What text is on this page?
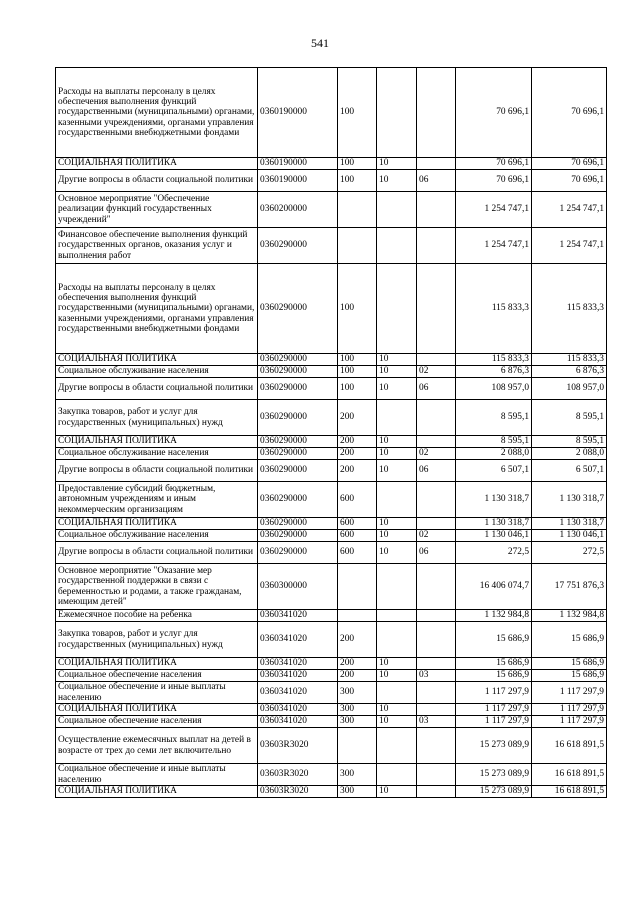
541
Расходы на выплаты персоналу в целях обеспечения выполнения функций государственными (муниципальными) органами, казенными учреждениями, органами управления государственными внебюджетными фондами	0360190000	100			70 696,1	70 696,1
СОЦИАЛЬНАЯ ПОЛИТИКА	0360190000	100	10		70 696,1	70 696,1
Другие вопросы в области социальной политики	0360190000	100	10	06	70 696,1	70 696,1
Основное мероприятие "Обеспечение реализации функций государственных учреждений"	0360200000				1 254 747,1	1 254 747,1
Финансовое обеспечение выполнения функций государственных органов, оказания услуг и выполнения работ	0360290000				1 254 747,1	1 254 747,1
Расходы на выплаты персоналу в целях обеспечения выполнения функций государственными (муниципальными) органами, казенными учреждениями, органами управления государственными внебюджетными фондами	0360290000	100			115 833,3	115 833,3
СОЦИАЛЬНАЯ ПОЛИТИКА	0360290000	100	10		115 833,3	115 833,3
Социальное обслуживание населения	0360290000	100	10	02	6 876,3	6 876,3
Другие вопросы в области социальной политики	0360290000	100	10	06	108 957,0	108 957,0
Закупка товаров, работ и услуг для государственных (муниципальных) нужд	0360290000	200			8 595,1	8 595,1
СОЦИАЛЬНАЯ ПОЛИТИКА	0360290000	200	10		8 595,1	8 595,1
Социальное обслуживание населения	0360290000	200	10	02	2 088,0	2 088,0
Другие вопросы в области социальной политики	0360290000	200	10	06	6 507,1	6 507,1
Предоставление субсидий бюджетным, автономным учреждениям и иным некоммерческим организациям	0360290000	600			1 130 318,7	1 130 318,7
СОЦИАЛЬНАЯ ПОЛИТИКА	0360290000	600	10		1 130 318,7	1 130 318,7
Социальное обслуживание населения	0360290000	600	10	02	1 130 046,1	1 130 046,1
Другие вопросы в области социальной политики	0360290000	600	10	06	272,5	272,5
Основное мероприятие "Оказание мер государственной поддержки в связи с беременностью и родами, а также гражданам, имеющим детей"	0360300000				16 406 074,7	17 751 876,3
Ежемесячное пособие на ребенка	0360341020				1 132 984,8	1 132 984,8
Закупка товаров, работ и услуг для государственных (муниципальных) нужд	0360341020	200			15 686,9	15 686,9
СОЦИАЛЬНАЯ ПОЛИТИКА	0360341020	200	10		15 686,9	15 686,9
Социальное обеспечение населения	0360341020	200	10	03	15 686,9	15 686,9
Социальное обеспечение и иные выплаты населению	0360341020	300			1 117 297,9	1 117 297,9
СОЦИАЛЬНАЯ ПОЛИТИКА	0360341020	300	10		1 117 297,9	1 117 297,9
Социальное обеспечение населения	0360341020	300	10	03	1 117 297,9	1 117 297,9
Осуществление ежемесячных выплат на детей в возрасте от трех до семи лет включительно	03603R3020				15 273 089,9	16 618 891,5
Социальное обеспечение и иные выплаты населению	03603R3020	300			15 273 089,9	16 618 891,5
СОЦИАЛЬНАЯ ПОЛИТИКА	03603R3020	300	10		15 273 089,9	16 618 891,5
